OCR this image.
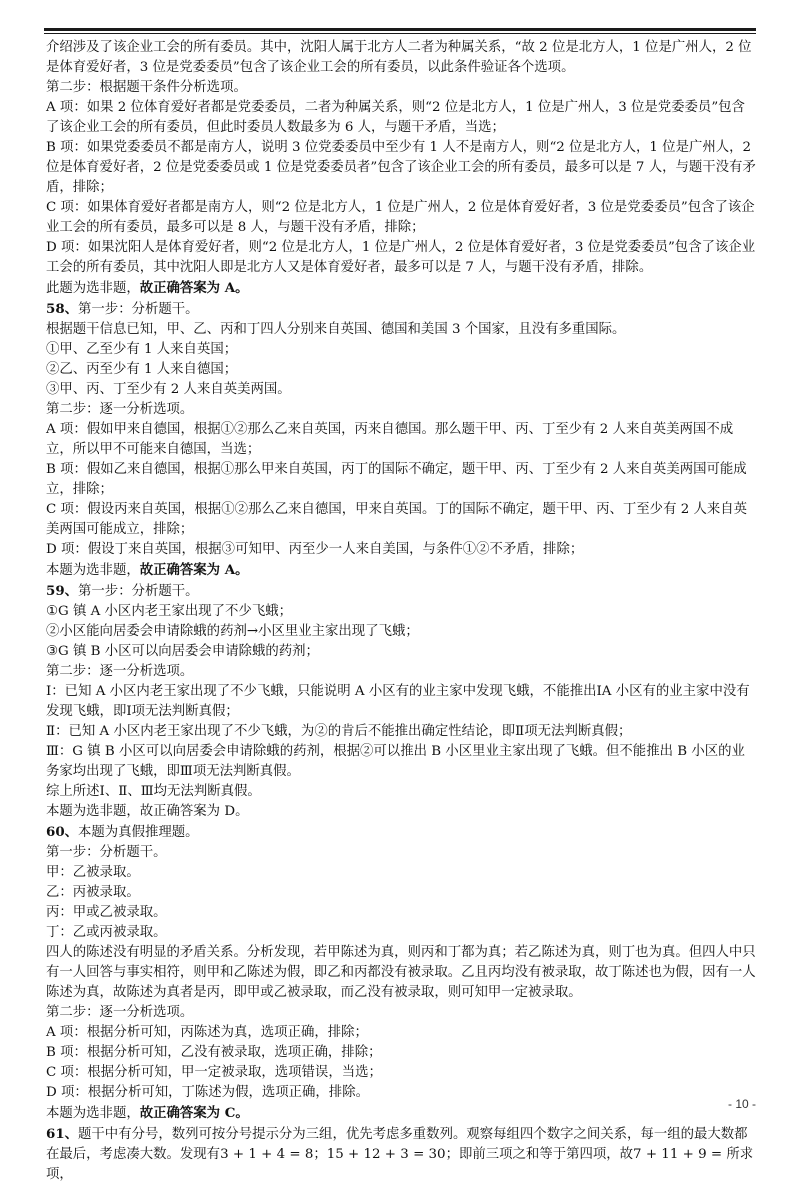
介绍涉及了该企业工会的所有委员。其中，沈阳人属于北方人二者为种属关系，“故 2 位是北方人，1 位是广州人，2 位是体育爱好者，3 位是党委委员”包含了该企业工会的所有委员，以此条件验证各个选项。

第二步：根据题干条件分析选项。

A 项：如果 2 位体育爱好者都是党委委员，二者为种属关系，则“2 位是北方人，1 位是广州人，3 位是党委委员”包含了该企业工会的所有委员，但此时委员人数最多为 6 人，与题干矛盾，当选；

B 项：如果党委委员不都是南方人，说明 3 位党委委员中至少有 1 人不是南方人，则“2 位是北方人，1 位是广州人，2 位是体育爱好者，2 位是党委委员或 1 位是党委委员者”包含了该企业工会的所有委员，最多可以是 7 人，与题干没有矛盾，排除；

C 项：如果体育爱好者都是南方人，则“2 位是北方人，1 位是广州人，2 位是体育爱好者，3 位是党委委员”包含了该企业工会的所有委员，最多可以是 8 人，与题干没有矛盾，排除；

D 项：如果沈阳人是体育爱好者，则“2 位是北方人，1 位是广州人，2 位是体育爱好者，3 位是党委委员”包含了该企业工会的所有委员，其中沈阳人即是北方人又是体育爱好者，最多可以是 7 人，与题干没有矛盾，排除。

此题为选非题，故正确答案为 A。

58、第一步：分析题干。

根据题干信息已知，甲、乙、丙和丁四人分别来自英国、德国和美国 3 个国家，且没有多重国际。

①甲、乙至少有 1 人来自英国；

②乙、丙至少有 1 人来自德国；

③甲、丙、丁至少有 2 人来自英美两国。

第二步：逐一分析选项。

A 项：假如甲来自德国，根据①②那么乙来自英国，丙来自德国。那么题干甲、丙、丁至少有 2 人来自英美两国不成立，所以甲不可能来自德国，当选；

B 项：假如乙来自德国，根据①那么甲来自英国，丙丁的国际不确定，题干甲、丙、丁至少有 2 人来自英美两国可能成立，排除；

C 项：假设丙来自英国，根据①②那么乙来自德国，甲来自英国。丁的国际不确定，题干甲、丙、丁至少有 2 人来自英美两国可能成立，排除；

D 项：假设丁来自英国，根据③可知甲、丙至少一人来自美国，与条件①②不矛盾，排除；

本题为选非题，故正确答案为 A。

59、第一步：分析题干。

①G 镇 A 小区内老王家出现了不少飞蛾；

②小区能向居委会申请除蛾的药剂→小区里业主家出现了飞蛾；

③G 镇 B 小区可以向居委会申请除蛾的药剂；

第二步：逐一分析选项。

Ⅰ：已知 A 小区内老王家出现了不少飞蛾，只能说明 A 小区有的业主家中发现飞蛾，不能推出ⅠA 小区有的业主家中没有发现飞蛾，即Ⅰ项无法判断真假；

Ⅱ：已知 A 小区内老王家出现了不少飞蛾，为②的肯后不能推出确定性结论，即Ⅱ项无法判断真假；

Ⅲ：G 镇 B 小区可以向居委会申请除蛾的药剂，根据②可以推出 B 小区里业主家出现了飞蛾。但不能推出 B 小区的业务家均出现了飞蛾，即Ⅲ项无法判断真假。

综上所述Ⅰ、Ⅱ、Ⅲ均无法判断真假。

本题为选非题，故正确答案为 D。

60、本题为真假推理题。

第一步：分析题干。

甲：乙被录取。

乙：丙被录取。

丙：甲或乙被录取。

丁：乙或丙被录取。

四人的陈述没有明显的矛盾关系。分析发现，若甲陈述为真，则丙和丁都为真；若乙陈述为真，则丁也为真。但四人中只有一人回答与事实相符，则甲和乙陈述为假，即乙和丙都没有被录取。乙且丙均没有被录取，故丁陈述也为假，因有一人陈述为真，故陈述为真者是丙，即甲或乙被录取，而乙没有被录取，则可知甲一定被录取。

第二步：逐一分析选项。

A 项：根据分析可知，丙陈述为真，选项正确，排除；

B 项：根据分析可知，乙没有被录取，选项正确，排除；

C 项：根据分析可知，甲一定被录取，选项错误，当选；

D 项：根据分析可知，丁陈述为假，选项正确，排除。

本题为选非题，故正确答案为 C。

61、题干中有分号，数列可按分号提示分为三组，优先考虑多重数列。观察每组四个数字之间关系，每一组的最大数都在最后，考虑凑大数。发现有3 + 1 + 4 = 8；15 + 12 + 3 = 30；即前三项之和等于第四项，故7 + 11 + 9 = 所求项，

- 10 -
